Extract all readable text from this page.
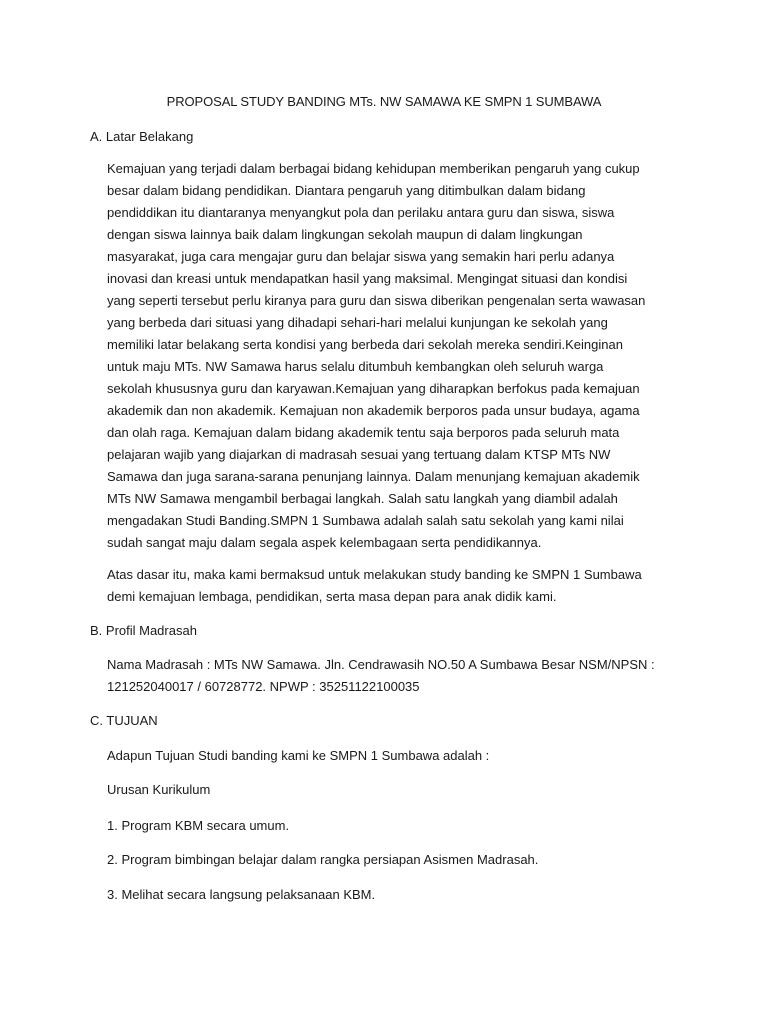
PROPOSAL STUDY BANDING MTs. NW SAMAWA KE SMPN 1 SUMBAWA
A. Latar Belakang
Kemajuan yang terjadi dalam berbagai bidang kehidupan memberikan pengaruh yang cukup
besar dalam bidang pendidikan. Diantara pengaruh yang ditimbulkan dalam bidang
pendiddikan itu diantaranya menyangkut pola dan perilaku antara guru dan siswa, siswa
dengan siswa lainnya baik dalam lingkungan sekolah maupun di dalam lingkungan
masyarakat, juga cara mengajar guru dan belajar siswa yang semakin hari perlu adanya
inovasi dan kreasi untuk mendapatkan hasil yang maksimal. Mengingat situasi dan kondisi
yang seperti tersebut perlu kiranya para guru dan siswa diberikan pengenalan serta wawasan
yang berbeda dari situasi yang dihadapi sehari-hari melalui kunjungan ke sekolah yang
memiliki latar belakang serta kondisi yang berbeda dari sekolah mereka sendiri.Keinginan
untuk maju MTs. NW Samawa harus selalu ditumbuh kembangkan oleh seluruh warga
sekolah khususnya guru dan karyawan.Kemajuan yang diharapkan berfokus pada kemajuan
akademik dan non akademik. Kemajuan non akademik berporos pada unsur budaya, agama
dan olah raga. Kemajuan dalam bidang akademik tentu saja berporos pada seluruh mata
pelajaran wajib yang diajarkan di madrasah sesuai yang tertuang dalam KTSP MTs NW
Samawa dan juga sarana-sarana penunjang lainnya. Dalam menunjang kemajuan akademik
MTs NW Samawa mengambil berbagai langkah. Salah satu langkah yang diambil adalah
mengadakan Studi Banding.SMPN 1 Sumbawa adalah salah satu sekolah yang kami nilai
sudah sangat maju dalam segala aspek kelembagaan serta pendidikannya.
Atas dasar itu, maka kami bermaksud untuk melakukan study banding ke SMPN 1 Sumbawa
demi kemajuan lembaga, pendidikan, serta masa depan para anak didik kami.
B. Profil Madrasah
Nama Madrasah : MTs NW Samawa. Jln. Cendrawasih NO.50 A Sumbawa Besar NSM/NPSN :
121252040017 / 60728772. NPWP : 35251122100035
C. TUJUAN
Adapun Tujuan Studi banding kami ke SMPN 1 Sumbawa adalah :
Urusan Kurikulum
1. Program KBM secara umum.
2. Program bimbingan belajar dalam rangka persiapan Asismen Madrasah.
3. Melihat secara langsung pelaksanaan KBM.
